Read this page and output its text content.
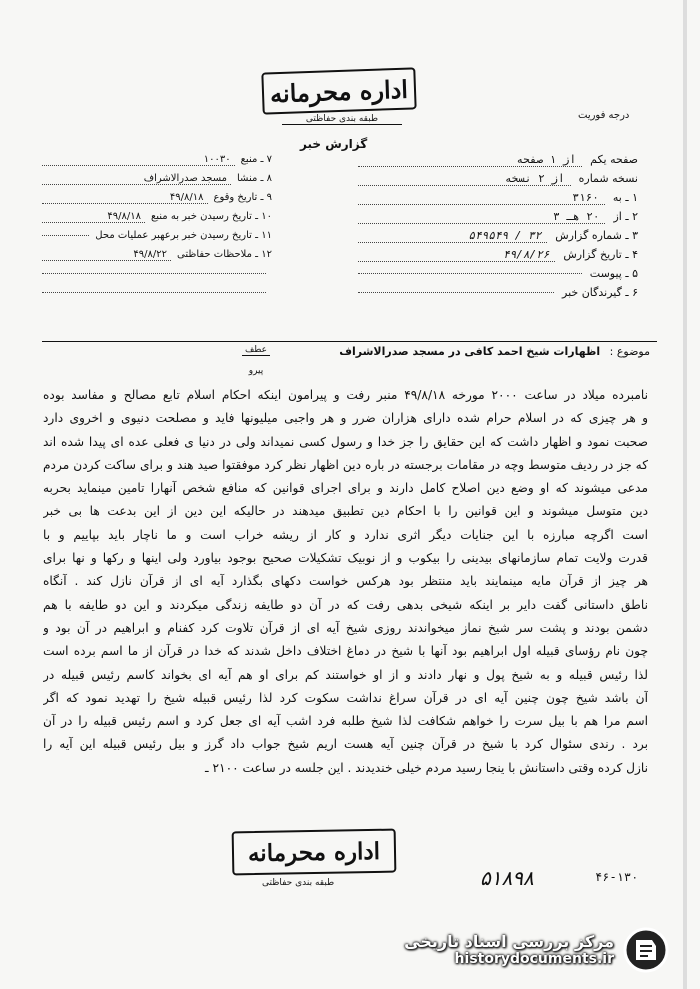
اداره محرمانه
طبقه بندی حفاظتی	درجه فوریت
گزارش خبر
صفحه یکم
از ۱ صفحه
نسخه شماره
از ۲ نسخه
۱ ـ به
۳۱۶۰
۲ ـ از
۲۰ هـ ۳
۳ ـ شماره گزارش
۳۲ / ۵۴۹۵۴۹
۴ ـ تاریخ گزارش
۴۹/۸/۲۶
۵ ـ پیوست
۶ ـ گیرندگان خبر
۷ ـ منبع
۱۰۰۳۰
۸ ـ منشا
مسجد صدرالاشراف
۹ ـ تاریخ وقوع
۴۹/۸/۱۸
۱۰ ـ تاریخ رسیدن خبر به منبع
۴۹/۸/۱۸
۱۱ ـ تاریخ رسیدن خبر برعهبر عملیات محل
۱۲ ـ ملاحظات حفاظتی
۴۹/۸/۲۲
موضوع : اظهارات شیخ احمد کافی در مسجد صدرالاشراف
عطف
پیرو
نامبرده میلاد در ساعت ۲۰۰۰ مورخه ۴۹/۸/۱۸ منبر رفت و پیرامون اینکه احکام اسلام تابع مصالح و مفاسد بوده
و هر چیزی که در اسلام حرام شده دارای هزاران ضرر و هر واجبی میلیونها فاید و مصلحت دنیوی و اخروی دارد
صحبت نمود و اظهار داشت که این حقایق را جز خدا و رسول کسی نمیداند ولی در دنیا ی فعلی عده ای پیدا شده اند
که جز در ردیف متوسط وچه در مقامات برجسته در باره دین اظهار نظر کرد موفقتوا صید هند و برای ساکت کردن مردم
مدعی میشوند که او وضع دین اصلاح کامل دارند و برای اجرای قوانین که منافع شخص آنهارا تامین مینماید بحربه
دین متوسل میشوند و این قوانین را با احکام دین تطبیق میدهند در حالیکه این دین از این بدعت ها بی خبر
است اگرچه مبارزه با این جنایات دیگر اثری ندارد و کار از ریشه خراب است و ما ناچار باید بپاییم و با
قدرت ولایت تمام سازمانهای بیدینی را بیکوب و از نوبیک تشکیلات صحیح بوجود بیاورد ولی اینها و رکها و نها برای
هر چیز از قرآن مایه مینمایند باید منتظر بود هرکس خواست دکهای بگذارد آیه ای از قرآن نازل کند . آنگاه
ناطق داستانی گفت دایر بر اینکه شیخی بدهی رفت که در آن دو طایفه زندگی میکردند و این دو طایفه با هم
دشمن بودند و پشت سر شیخ نماز میخواندند روزی شیخ آیه ای از قرآن تلاوت کرد کفنام و ابراهیم در آن بود و
چون نام رؤسای قبیله اول ابراهیم بود آنها با شیخ در دماغ اختلاف داخل شدند که خدا در قرآن از ما اسم برده است
لذا رئیس قبیله و به شیخ پول و نهار دادند و از او خواستند کم برای او هم آیه ای بخواند کاسم رئیس قبیله در
آن باشد شیخ چون چنین آیه ای در قرآن سراغ نداشت سکوت کرد لذا رئیس قبیله شیخ را تهدید نمود که اگر
اسم مرا هم با بیل سرت را خواهم شکافت لذا شیخ طلبه فرد اشب آیه ای جعل کرد و اسم رئیس قبیله را در آن
برد . رندی سئوال کرد با شیخ در قرآن چنین آیه هست اریم شیخ جواب داد گرز و بیل رئیس قبیله این آیه را
نازل کرده وقتی داستانش با ینجا رسید مردم خیلی خندیدند . این جلسه در ساعت ۲۱۰۰ ـ
اداره محرمانه
طبقه بندی حفاظتی	۵۱۸۹۸	۴۶-۱۳۰
مرکز بررسی اسناد تاریخی
historydocuments.ir
